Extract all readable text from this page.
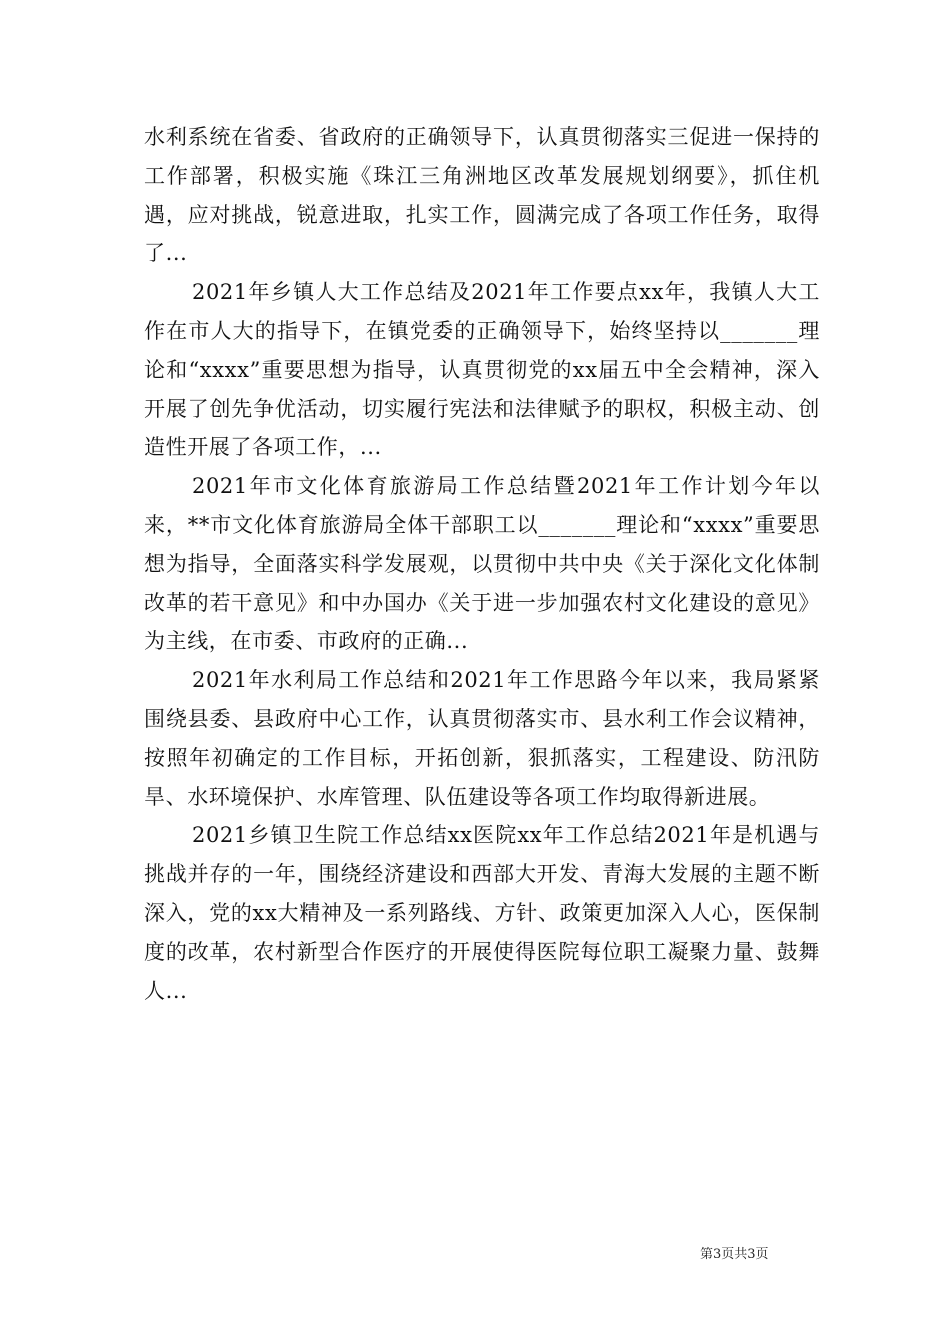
水利系统在省委、省政府的正确领导下，认真贯彻落实三促进一保持的工作部署，积极实施《珠江三角洲地区改革发展规划纲要》，抓住机遇，应对挑战，锐意进取，扎实工作，圆满完成了各项工作任务，取得了...

2021年乡镇人大工作总结及2021年工作要点xx年，我镇人大工作在市人大的指导下，在镇党委的正确领导下，始终坚持以_______理论和“xxxx”重要思想为指导，认真贯彻党的xx届五中全会精神，深入开展了创先争优活动，切实履行宪法和法律赋予的职权，积极主动、创造性开展了各项工作，...

2021年市文化体育旅游局工作总结暨2021年工作计划今年以来，**市文化体育旅游局全体干部职工以_______理论和“xxxx”重要思想为指导，全面落实科学发展观，以贯彻中共中央《关于深化文化体制改革的若干意见》和中办国办《关于进一步加强农村文化建设的意见》为主线，在市委、市政府的正确...

2021年水利局工作总结和2021年工作思路今年以来，我局紧紧围绕县委、县政府中心工作，认真贯彻落实市、县水利工作会议精神，按照年初确定的工作目标，开拓创新，狠抓落实，工程建设、防汛防旱、水环境保护、水库管理、队伍建设等各项工作均取得新进展。

2021乡镇卫生院工作总结xx医院xx年工作总结2021年是机遇与挑战并存的一年，围绕经济建设和西部大开发、青海大发展的主题不断深入，党的xx大精神及一系列路线、方针、政策更加深入人心，医保制度的改革，农村新型合作医疗的开展使得医院每位职工凝聚力量、鼓舞人...

第3页共3页
